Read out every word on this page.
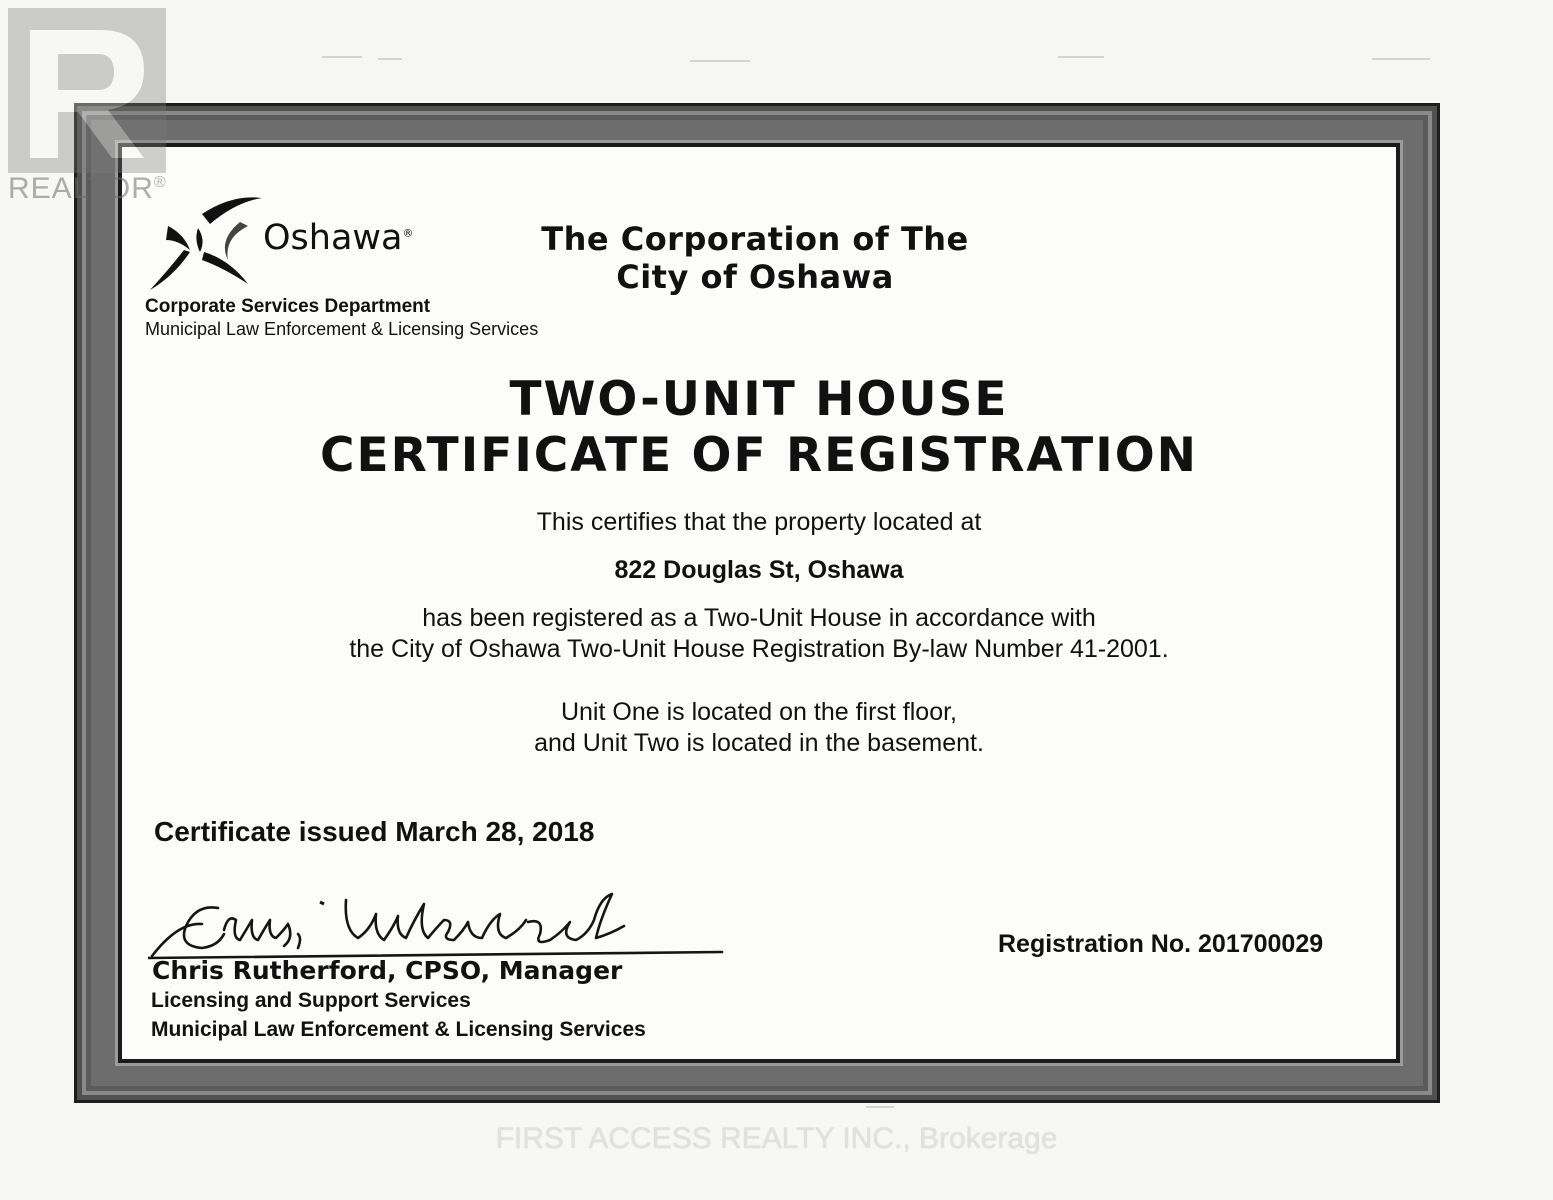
REALTOR®
Oshawa®
Corporate Services Department
Municipal Law Enforcement & Licensing Services
The Corporation of The
City of Oshawa
TWO-UNIT HOUSE
CERTIFICATE OF REGISTRATION
This certifies that the property located at
822 Douglas St, Oshawa
has been registered as a Two-Unit House in accordance with
the City of Oshawa Two-Unit House Registration By-law Number 41-2001.
Unit One is located on the first floor,
and Unit Two is located in the basement.
Certificate issued March 28, 2018
Chris Rutherford, CPSO, Manager
Licensing and Support Services
Municipal Law Enforcement & Licensing Services
Registration No. 201700029
FIRST ACCESS REALTY INC., Brokerage
